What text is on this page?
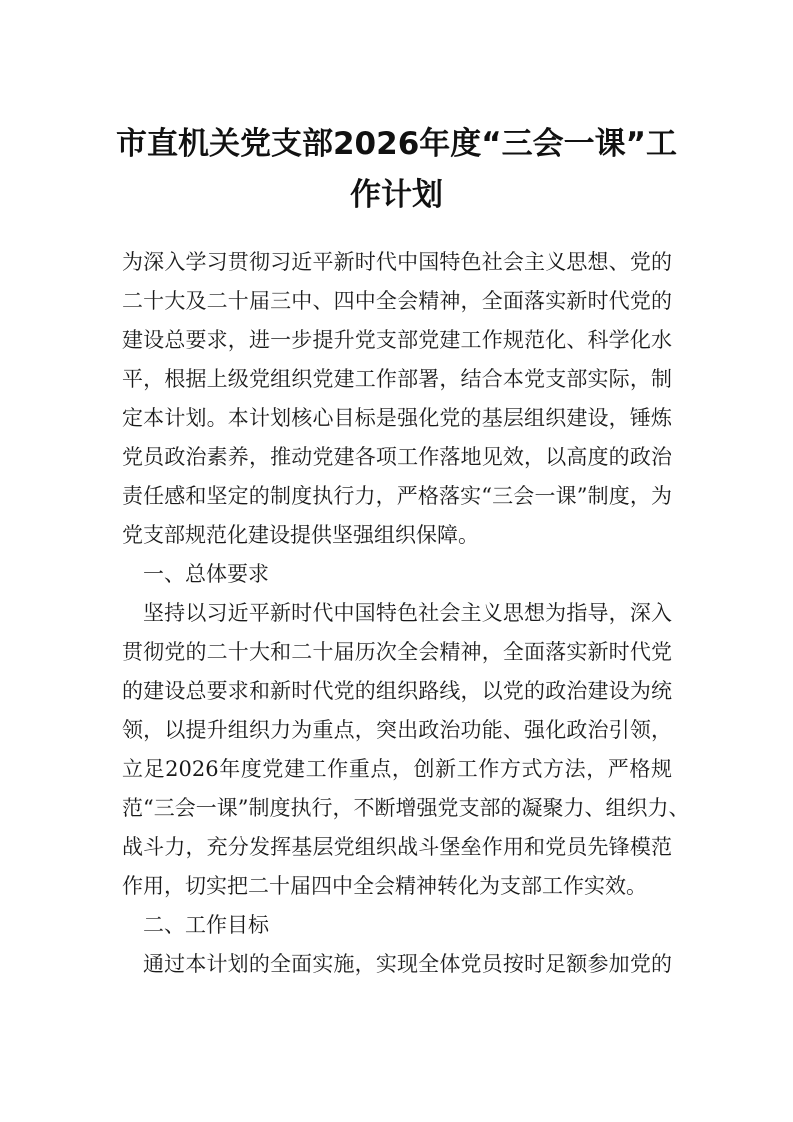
市直机关党支部2026年度“三会一课”工
作计划
为深入学习贯彻习近平新时代中国特色社会主义思想、党的
二十大及二十届三中、四中全会精神，全面落实新时代党的
建设总要求，进一步提升党支部党建工作规范化、科学化水
平，根据上级党组织党建工作部署，结合本党支部实际，制
定本计划。本计划核心目标是强化党的基层组织建设，锤炼
党员政治素养，推动党建各项工作落地见效，以高度的政治
责任感和坚定的制度执行力，严格落实“三会一课”制度，为
党支部规范化建设提供坚强组织保障。
一、总体要求
坚持以习近平新时代中国特色社会主义思想为指导，深入
贯彻党的二十大和二十届历次全会精神，全面落实新时代党
的建设总要求和新时代党的组织路线，以党的政治建设为统
领，以提升组织力为重点，突出政治功能、强化政治引领，
立足2026年度党建工作重点，创新工作方式方法，严格规
范“三会一课”制度执行，不断增强党支部的凝聚力、组织力、
战斗力，充分发挥基层党组织战斗堡垒作用和党员先锋模范
作用，切实把二十届四中全会精神转化为支部工作实效。
二、工作目标
通过本计划的全面实施，实现全体党员按时足额参加党的
